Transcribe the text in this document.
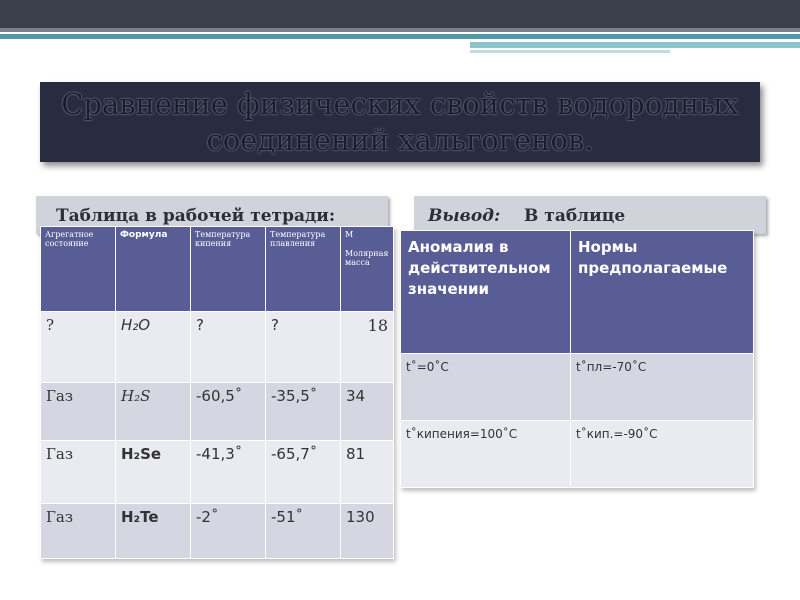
Сравнение физических свойств водородных соединений хальгогенов.
Таблица в рабочей тетради:	Вывод: В таблице
Агрегатное состояние	Формула	Температура кипения	Температура плавления	М
Молярная масса

?	H₂O	?	?	18
Газ	H₂S	-60,5˚	-35,5˚	34
Газ	H₂Se	-41,3˚	-65,7˚	81
Газ	H₂Te	-2˚	-51˚	130
Аномалия в действительном значении	Нормы предполагаемые
t˚=0˚С	t˚пл=-70˚С
t˚кипения=100˚С	t˚кип.=-90˚С
